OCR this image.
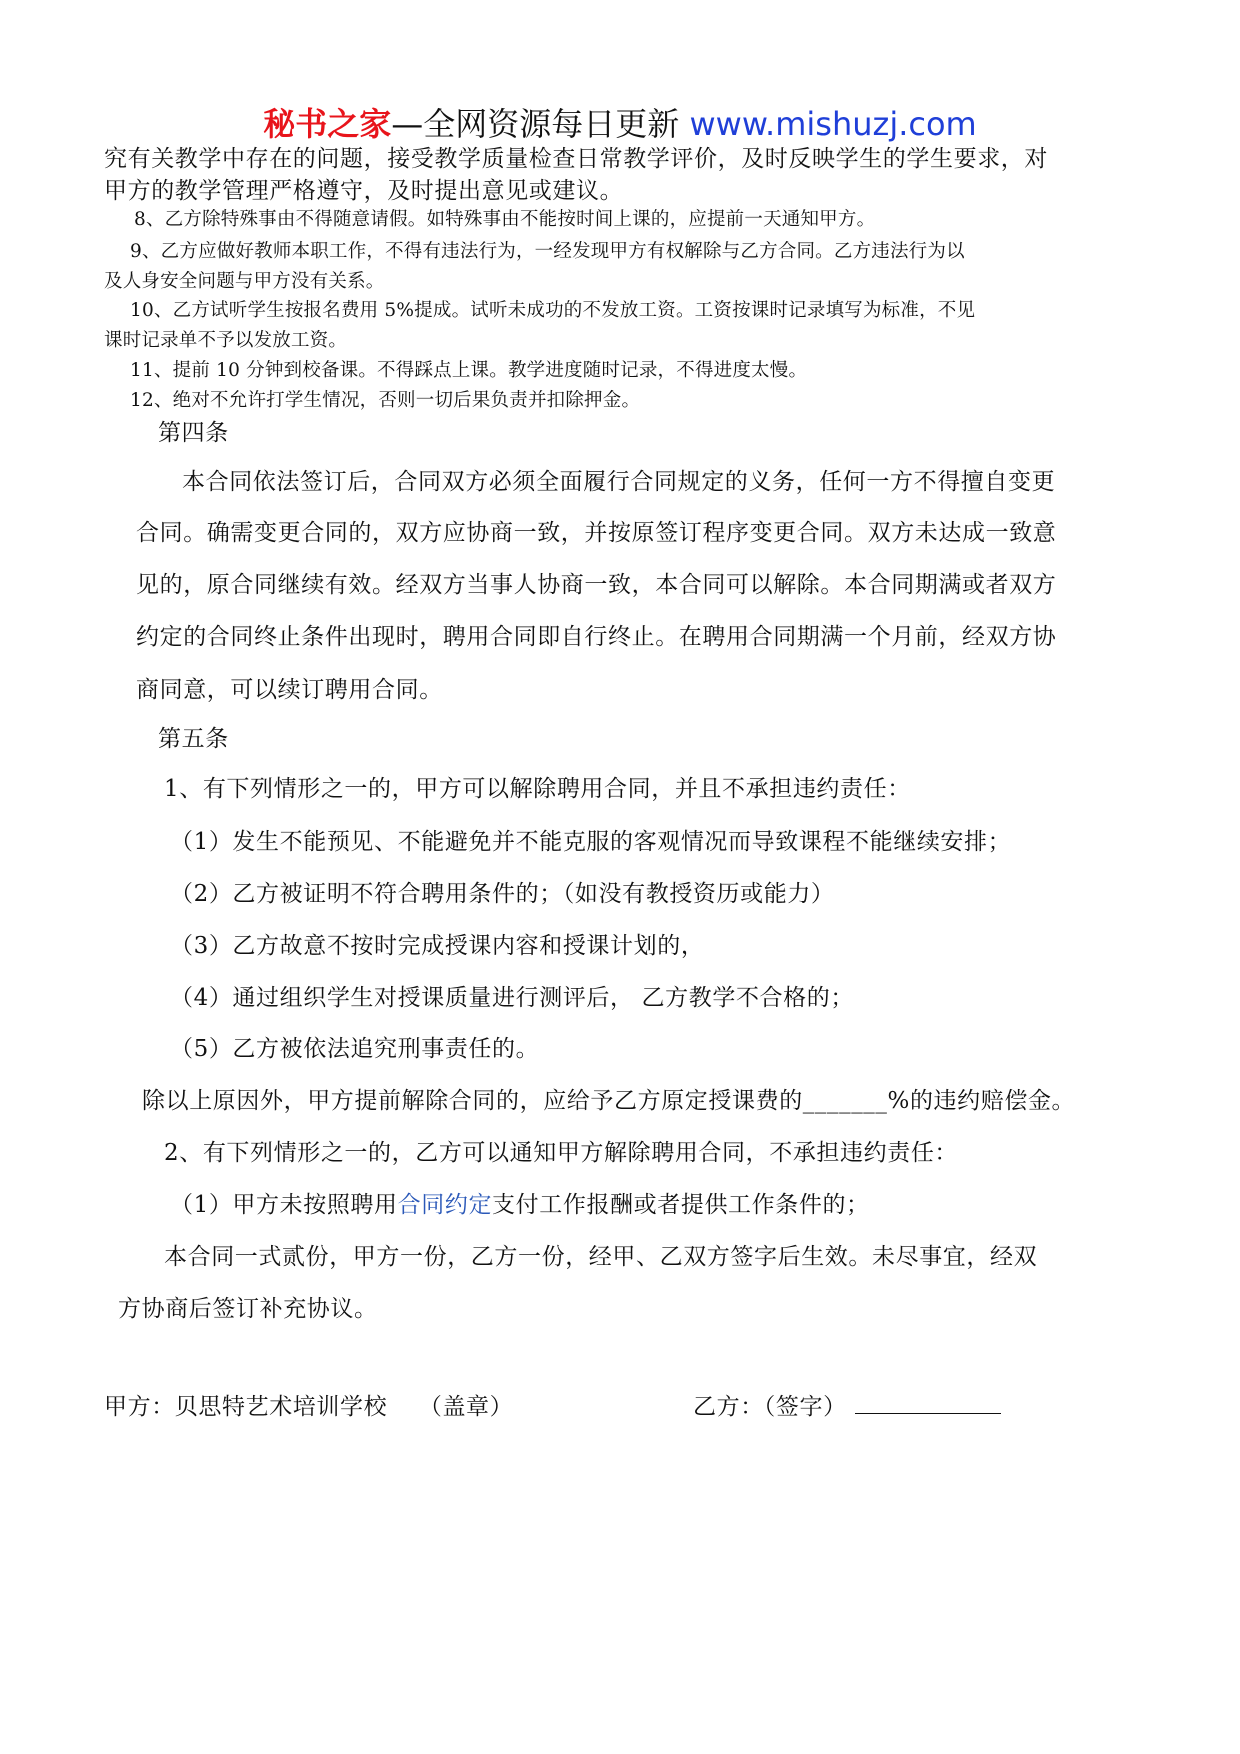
秘书之家—全网资源每日更新 www.mishuzj.com
究有关教学中存在的问题，接受教学质量检查日常教学评价，及时反映学生的学生要求，对
甲方的教学管理严格遵守，及时提出意见或建议。
8、乙方除特殊事由不得随意请假。如特殊事由不能按时间上课的，应提前一天通知甲方。
9、乙方应做好教师本职工作，不得有违法行为，一经发现甲方有权解除与乙方合同。乙方违法行为以
及人身安全问题与甲方没有关系。
10、乙方试听学生按报名费用 5%提成。试听未成功的不发放工资。工资按课时记录填写为标准，不见
课时记录单不予以发放工资。
11、提前 10 分钟到校备课。不得踩点上课。教学进度随时记录，不得进度太慢。
12、绝对不允许打学生情况，否则一切后果负责并扣除押金。
第四条
本合同依法签订后，合同双方必须全面履行合同规定的义务，任何一方不得擅自变更
合同。确需变更合同的，双方应协商一致，并按原签订程序变更合同。双方未达成一致意
见的，原合同继续有效。经双方当事人协商一致，本合同可以解除。本合同期满或者双方
约定的合同终止条件出现时，聘用合同即自行终止。在聘用合同期满一个月前，经双方协
商同意，可以续订聘用合同。
第五条
1、有下列情形之一的，甲方可以解除聘用合同，并且不承担违约责任：
（1）发生不能预见、不能避免并不能克服的客观情况而导致课程不能继续安排；
（2）乙方被证明不符合聘用条件的；（如没有教授资历或能力）
（3）乙方故意不按时完成授课内容和授课计划的，
（4）通过组织学生对授课质量进行测评后， 乙方教学不合格的；
（5）乙方被依法追究刑事责任的。
除以上原因外，甲方提前解除合同的，应给予乙方原定授课费的_______%的违约赔偿金。
2、有下列情形之一的，乙方可以通知甲方解除聘用合同，不承担违约责任：
（1）甲方未按照聘用合同约定支付工作报酬或者提供工作条件的；
本合同一式贰份，甲方一份，乙方一份，经甲、乙双方签字后生效。未尽事宜，经双
方协商后签订补充协议。
甲方：贝思特艺术培训学校    （盖章）	乙方：（签字）
